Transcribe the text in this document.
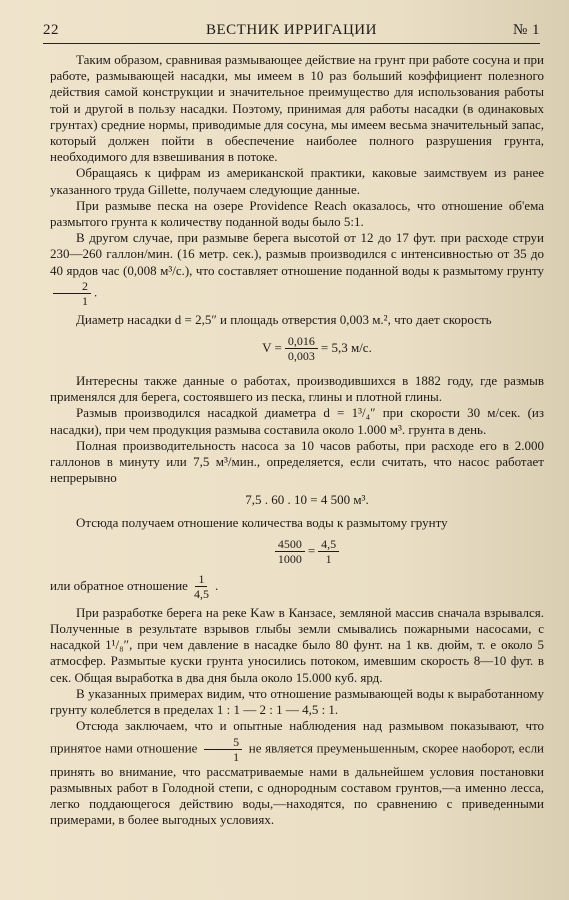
22	ВЕСТНИК ИРРИГАЦИИ	№ 1

Таким образом, сравнивая размывающее действие на грунт при работе сосуна и при работе, размывающей насадки, мы имеем в 10 раз больший коэффициент полезного действия самой конструкции и значительное преимущество для использования работы той и другой в пользу насадки. Поэтому, принимая для работы насадки (в одинаковых грунтах) средние нормы, приводимые для сосуна, мы имеем весьма значительный запас, который должен пойти в обеспечение наиболее полного разрушения грунта, необходимого для взвешивания в потоке.

Обращаясь к цифрам из американской практики, каковые заимствуем из ранее указанного труда Gillette, получаем следующие данные.

При размыве песка на озере Providence Reach оказалось, что отношение об'ема размытого грунта к количеству поданной воды было 5:1.

В другом случае, при размыве берега высотой от 12 до 17 фут. при расходе струи 230—260 галлон/мин. (16 метр. сек.), размыв производился с интенсивностью от 35 до 40 ярдов час (0,008 м³/с.), что составляет отношение поданной воды к размытому грунту
$\frac{2}{1}$ .

Диаметр насадки d = 2,5″ и площадь отверстия 0,003 м.², что дает скорость

$V = \frac{0,016}{0,003} = 5,3$ м/с.

Интересны также данные о работах, производившихся в 1882 году, где размыв применялся для берега, состоявшего из песка, глины и плотной глины.

Размыв производился насадкой диаметра d = 1³/₄″ при скорости 30 м/сек. (из насадки), при чем продукция размыва составила около 1.000 м³. грунта в день.

Полная производительность насоса за 10 часов работы, при расходе его в 2.000 галлонов в минуту или 7,5 м³/мин., определяется, если считать, что насос работает непрерывно

7,5 . 60 . 10 = 4 500 м³.

Отсюда получаем отношение количества воды к размытому грунту

$\frac{4500}{1000} = \frac{4,5}{1}$
или обратное отношение $\frac{1}{4,5}$ .

При разработке берега на реке Kaw в Канзасе, земляной массив сначала взрывался. Полученные в результате взрывов глыбы земли смывались пожарными насосами, с насадкой 1¹/₈″, при чем давление в насадке было 80 фунт. на 1 кв. дюйм, т. е около 5 атмосфер. Размытые куски грунта уносились потоком, имевшим скорость 8—10 фут. в сек. Общая выработка в два дня была около 15.000 куб. ярд.

В указанных примерах видим, что отношение размывающей воды к выработанному грунту колеблется в пределах 1 : 1 — 2 : 1 — 4,5 : 1.

Отсюда заключаем, что и опытные наблюдения над размывом показывают, что принятое нами отношение $\frac{5}{1}$ не является преуменьшенным, скорее наоборот, если принять во внимание, что рассматриваемые нами в дальнейшем условия постановки размывных работ в Голодной степи, с однородным составом грунтов,—а именно лесса, легко поддающегося действию воды,—находятся, по сравнению с приведенными примерами, в более выгодных условиях.
